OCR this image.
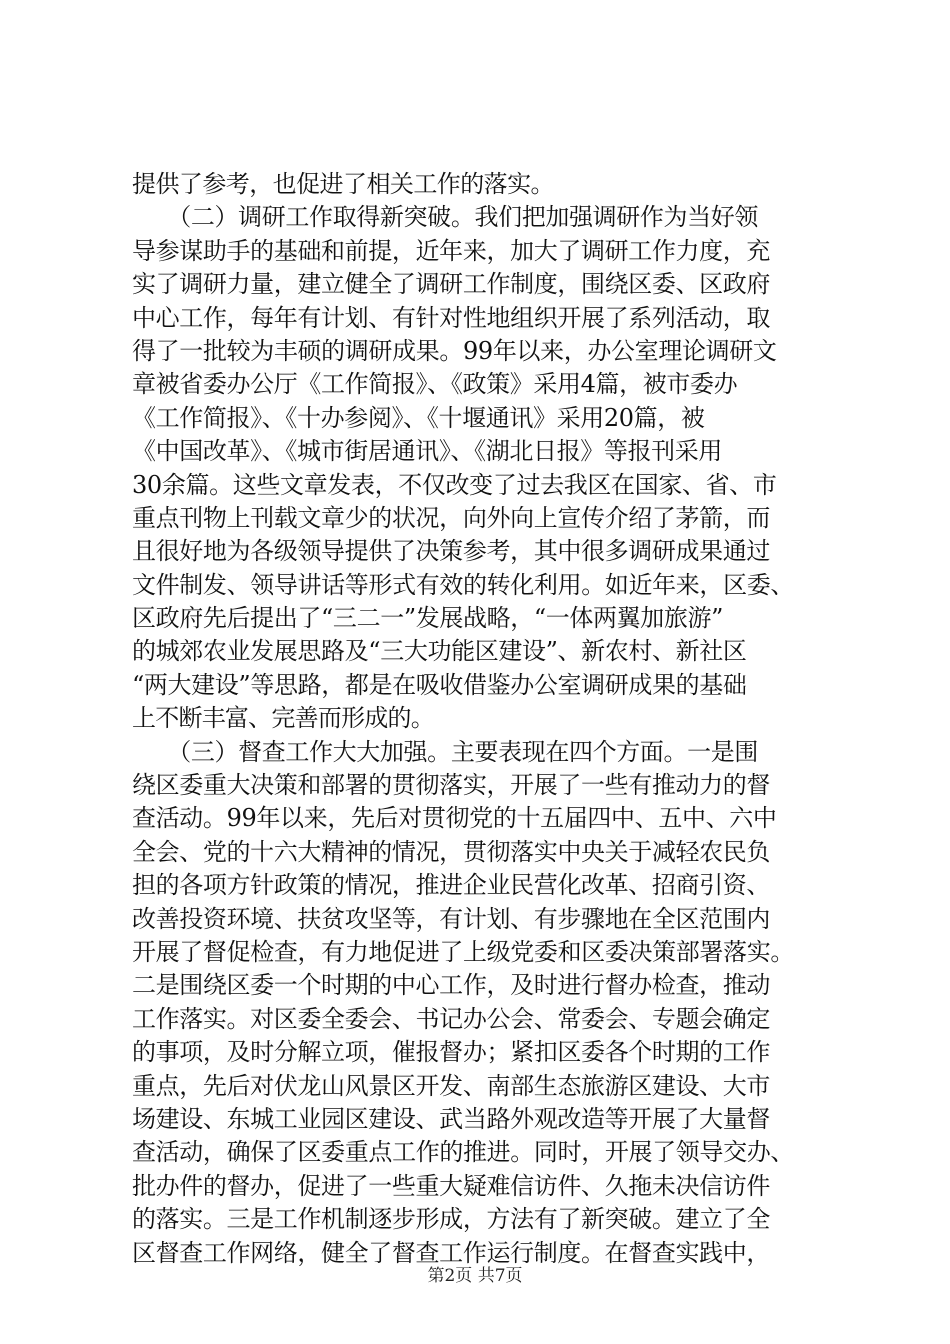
提供了参考，也促进了相关工作的落实。
　　（二）调研工作取得新突破。我们把加强调研作为当好领
导参谋助手的基础和前提，近年来，加大了调研工作力度，充
实了调研力量，建立健全了调研工作制度，围绕区委、区政府
中心工作，每年有计划、有针对性地组织开展了系列活动，取
得了一批较为丰硕的调研成果。99年以来，办公室理论调研文
章被省委办公厅《工作简报》、《政策》采用4篇，被市委办
《工作简报》、《十办参阅》、《十堰通讯》采用20篇，被
《中国改革》、《城市街居通讯》、《湖北日报》等报刊采用
30余篇。这些文章发表，不仅改变了过去我区在国家、省、市
重点刊物上刊载文章少的状况，向外向上宣传介绍了茅箭，而
且很好地为各级领导提供了决策参考，其中很多调研成果通过
文件制发、领导讲话等形式有效的转化利用。如近年来，区委、
区政府先后提出了“三二一”发展战略，“一体两翼加旅游”
的城郊农业发展思路及“三大功能区建设”、新农村、新社区
“两大建设”等思路，都是在吸收借鉴办公室调研成果的基础
上不断丰富、完善而形成的。
　　（三）督查工作大大加强。主要表现在四个方面。一是围
绕区委重大决策和部署的贯彻落实，开展了一些有推动力的督
查活动。99年以来，先后对贯彻党的十五届四中、五中、六中
全会、党的十六大精神的情况，贯彻落实中央关于减轻农民负
担的各项方针政策的情况，推进企业民营化改革、招商引资、
改善投资环境、扶贫攻坚等，有计划、有步骤地在全区范围内
开展了督促检查，有力地促进了上级党委和区委决策部署落实。
二是围绕区委一个时期的中心工作，及时进行督办检查，推动
工作落实。对区委全委会、书记办公会、常委会、专题会确定
的事项，及时分解立项，催报督办；紧扣区委各个时期的工作
重点，先后对伏龙山风景区开发、南部生态旅游区建设、大市
场建设、东城工业园区建设、武当路外观改造等开展了大量督
查活动，确保了区委重点工作的推进。同时，开展了领导交办、
批办件的督办，促进了一些重大疑难信访件、久拖未决信访件
的落实。三是工作机制逐步形成，方法有了新突破。建立了全
区督查工作网络，健全了督查工作运行制度。在督查实践中，
第2页 共7页
